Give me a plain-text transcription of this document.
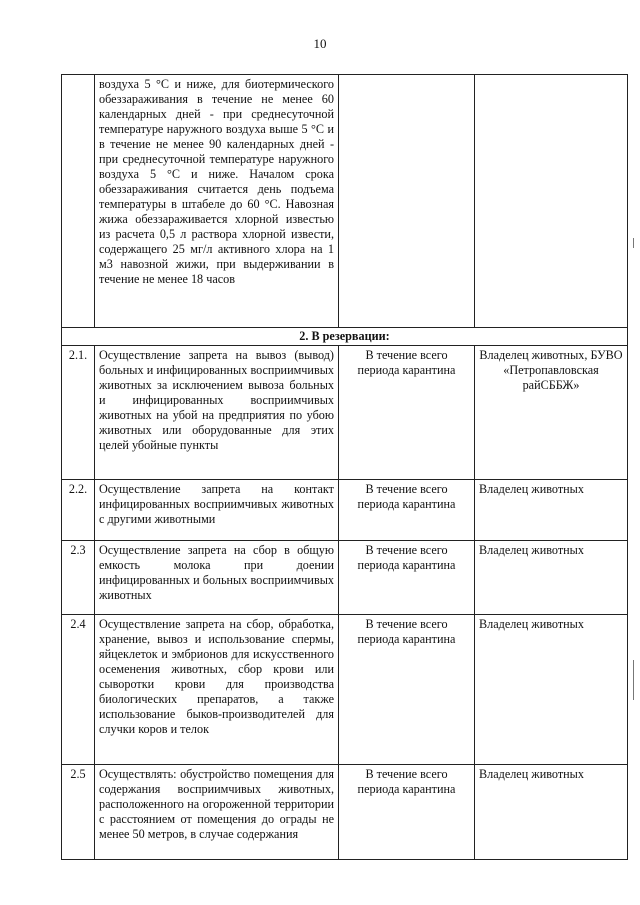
10

	воздуха 5 °С и ниже, для биотермического обеззараживания в течение не менее 60 календарных дней - при среднесуточной температуре наружного воздуха выше 5 °С и в течение не менее 90 календарных дней - при среднесуточной температуре наружного воздуха 5 °С и ниже. Началом срока обеззараживания считается день подъема температуры в штабеле до 60 °С. Навозная жижа обеззараживается хлорной известью из расчета 0,5 л раствора хлорной извести, содержащего 25 мг/л активного хлора на 1 м3 навозной жижи, при выдерживании в течение не менее 18 часов		

2. В резервации:			
2.1.	Осуществление запрета на вывоз (вывод) больных и инфицированных восприимчивых животных за исключением вывоза больных и инфицированных восприимчивых животных на убой на предприятия по убою животных или оборудованные для этих целей убойные пункты	В течение всего периода карантина	Владелец животных, БУВО «Петропавловская райСББЖ»
2.2.	Осуществление запрета на контакт инфицированных восприимчивых животных с другими животными	В течение всего периода карантина	Владелец животных
2.3	Осуществление запрета на сбор в общую емкость молока при доении инфицированных и больных восприимчивых животных	В течение всего периода карантина	Владелец животных
2.4	Осуществление запрета на сбор, обработка, хранение, вывоз и использование спермы, яйцеклеток и эмбрионов для искусственного осеменения животных, сбор крови или сыворотки крови для производства биологических препаратов, а также использование быков-производителей для случки коров и телок	В течение всего периода карантина	Владелец животных
2.5	Осуществлять: обустройство помещения для содержания восприимчивых животных, расположенного на огороженной территории с расстоянием от помещения до ограды не менее 50 метров, в случае содержания	В течение всего периода карантина	Владелец животных
